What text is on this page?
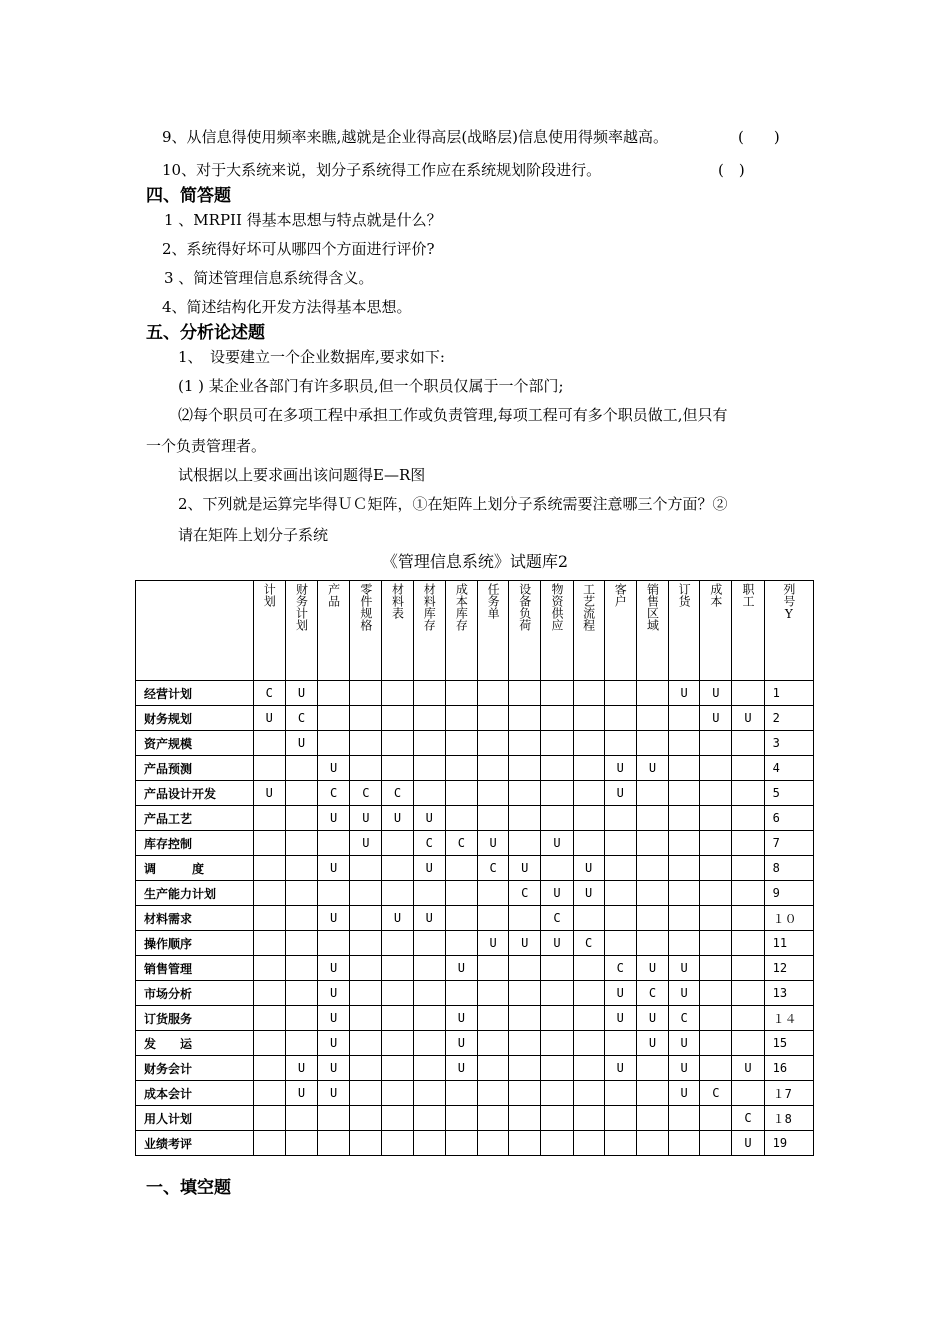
9、从信息得使用频率来瞧,越就是企业得高层(战略层)信息使用得频率越高。	(　　)
10、对于大系统来说，划分子系统得工作应在系统规划阶段进行。	(　)
四、简答题
1 、MRPII 得基本思想与特点就是什么？
2、系统得好坏可从哪四个方面进行评价?
3 、简述管理信息系统得含义。
4、简述结构化开发方法得基本思想。
五、分析论述题
1、　设要建立一个企业数据库,要求如下:
(1 ) 某企业各部门有许多职员,但一个职员仅属于一个部门;
⑵每个职员可在多项工程中承担工作或负责管理,每项工程可有多个职员做工,但只有
一个负责管理者。
试根据以上要求画出该问题得E—R图
2、下列就是运算完毕得ＵＣ矩阵，①在矩阵上划分子系统需要注意哪三个方面？②
请在矩阵上划分子系统
《管理信息系统》试题库2

	计划	财务计划	产品	零件规格	材料表	材料库存	成本库存	任务单	设备负荷	物资供应	工艺流程	客户	销售区域	订货	成本	职工	列号Y

经营计划	C	U												U	U		1
财务规划	U	C													U	U	2
资产规模		U															3
产品预测			U									U	U				4
产品设计开发	U		C	C	C							U					5
产品工艺			U	U	U	U											6
库存控制				U		C	C	U		U							7
调　　　度			U			U		C	U		U						8
生产能力计划									C	U	U						9
材料需求			U		U	U				C							１０
操作顺序								U	U	U	C						11
销售管理			U				U					C	U	U			12
市场分析			U									U	C	U			13
订货服务			U				U					U	U	C			１４
发　　运			U				U						U	U			15
财务会计		U	U				U					U		U		U	16
成本会计		U	U											U	C		１7
用人计划																C	１8
业绩考评																U	19
一、填空题
